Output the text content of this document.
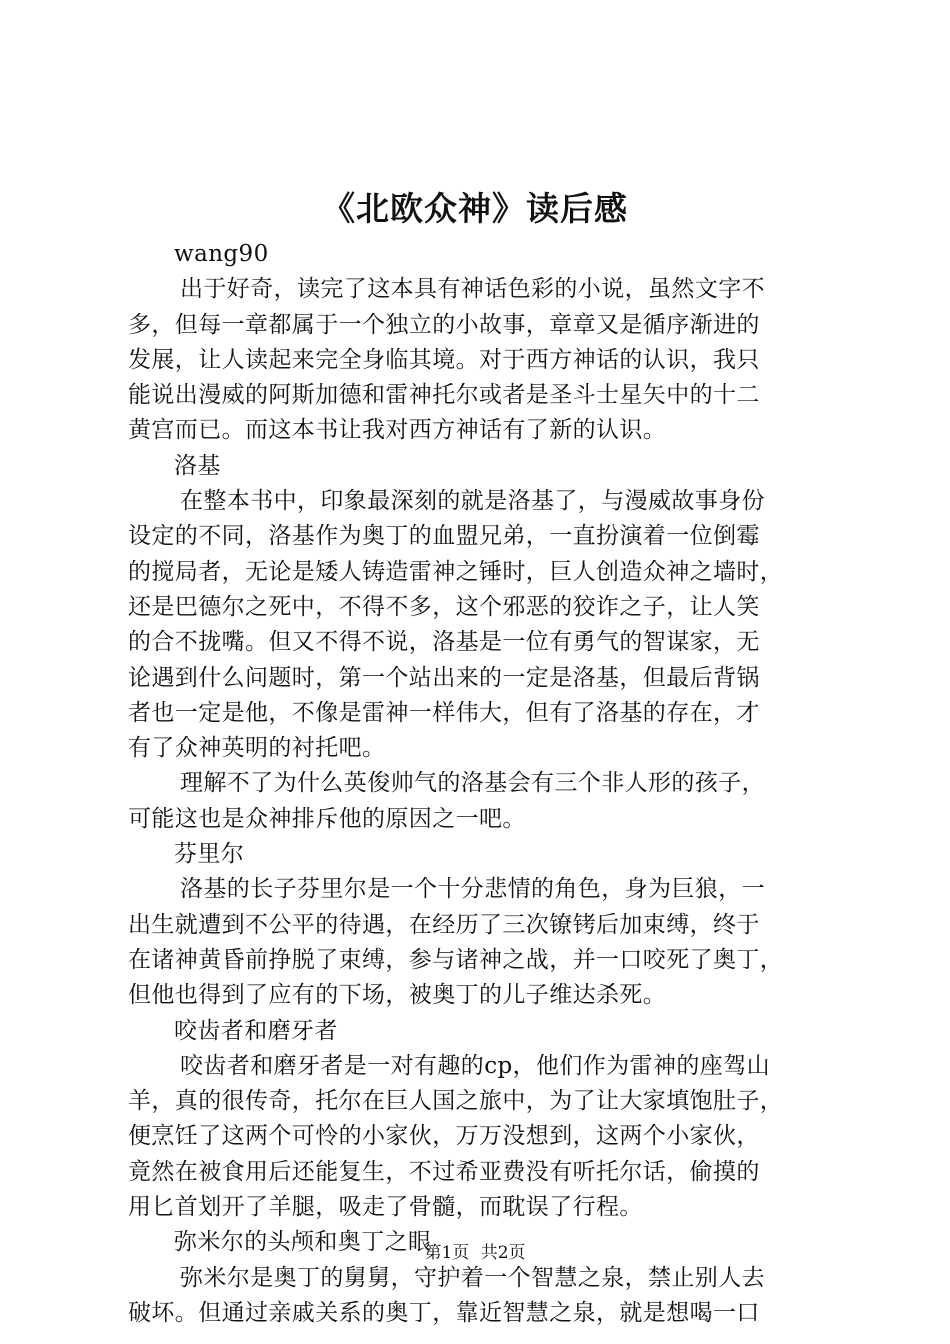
《北欧众神》读后感
wang90
出于好奇，读完了这本具有神话色彩的小说，虽然文字不
多，但每一章都属于一个独立的小故事，章章又是循序渐进的
发展，让人读起来完全身临其境。对于西方神话的认识，我只
能说出漫威的阿斯加德和雷神托尔或者是圣斗士星矢中的十二
黄宫而已。而这本书让我对西方神话有了新的认识。
洛基
在整本书中，印象最深刻的就是洛基了，与漫威故事身份
设定的不同，洛基作为奥丁的血盟兄弟，一直扮演着一位倒霉
的搅局者，无论是矮人铸造雷神之锤时，巨人创造众神之墙时，
还是巴德尔之死中，不得不多，这个邪恶的狡诈之子，让人笑
的合不拢嘴。但又不得不说，洛基是一位有勇气的智谋家，无
论遇到什么问题时，第一个站出来的一定是洛基，但最后背锅
者也一定是他，不像是雷神一样伟大，但有了洛基的存在，才
有了众神英明的衬托吧。
理解不了为什么英俊帅气的洛基会有三个非人形的孩子，
可能这也是众神排斥他的原因之一吧。
芬里尔
洛基的长子芬里尔是一个十分悲情的角色，身为巨狼，一
出生就遭到不公平的待遇，在经历了三次镣铐后加束缚，终于
在诸神黄昏前挣脱了束缚，参与诸神之战，并一口咬死了奥丁，
但他也得到了应有的下场，被奥丁的儿子维达杀死。
咬齿者和磨牙者
咬齿者和磨牙者是一对有趣的cp，他们作为雷神的座驾山
羊，真的很传奇，托尔在巨人国之旅中，为了让大家填饱肚子，
便烹饪了这两个可怜的小家伙，万万没想到，这两个小家伙，
竟然在被食用后还能复生，不过希亚费没有听托尔话，偷摸的
用匕首划开了羊腿，吸走了骨髓，而耽误了行程。
弥米尔的头颅和奥丁之眼
弥米尔是奥丁的舅舅，守护着一个智慧之泉，禁止别人去
破坏。但通过亲戚关系的奥丁，靠近智慧之泉，就是想喝一口
第1页 共2页
